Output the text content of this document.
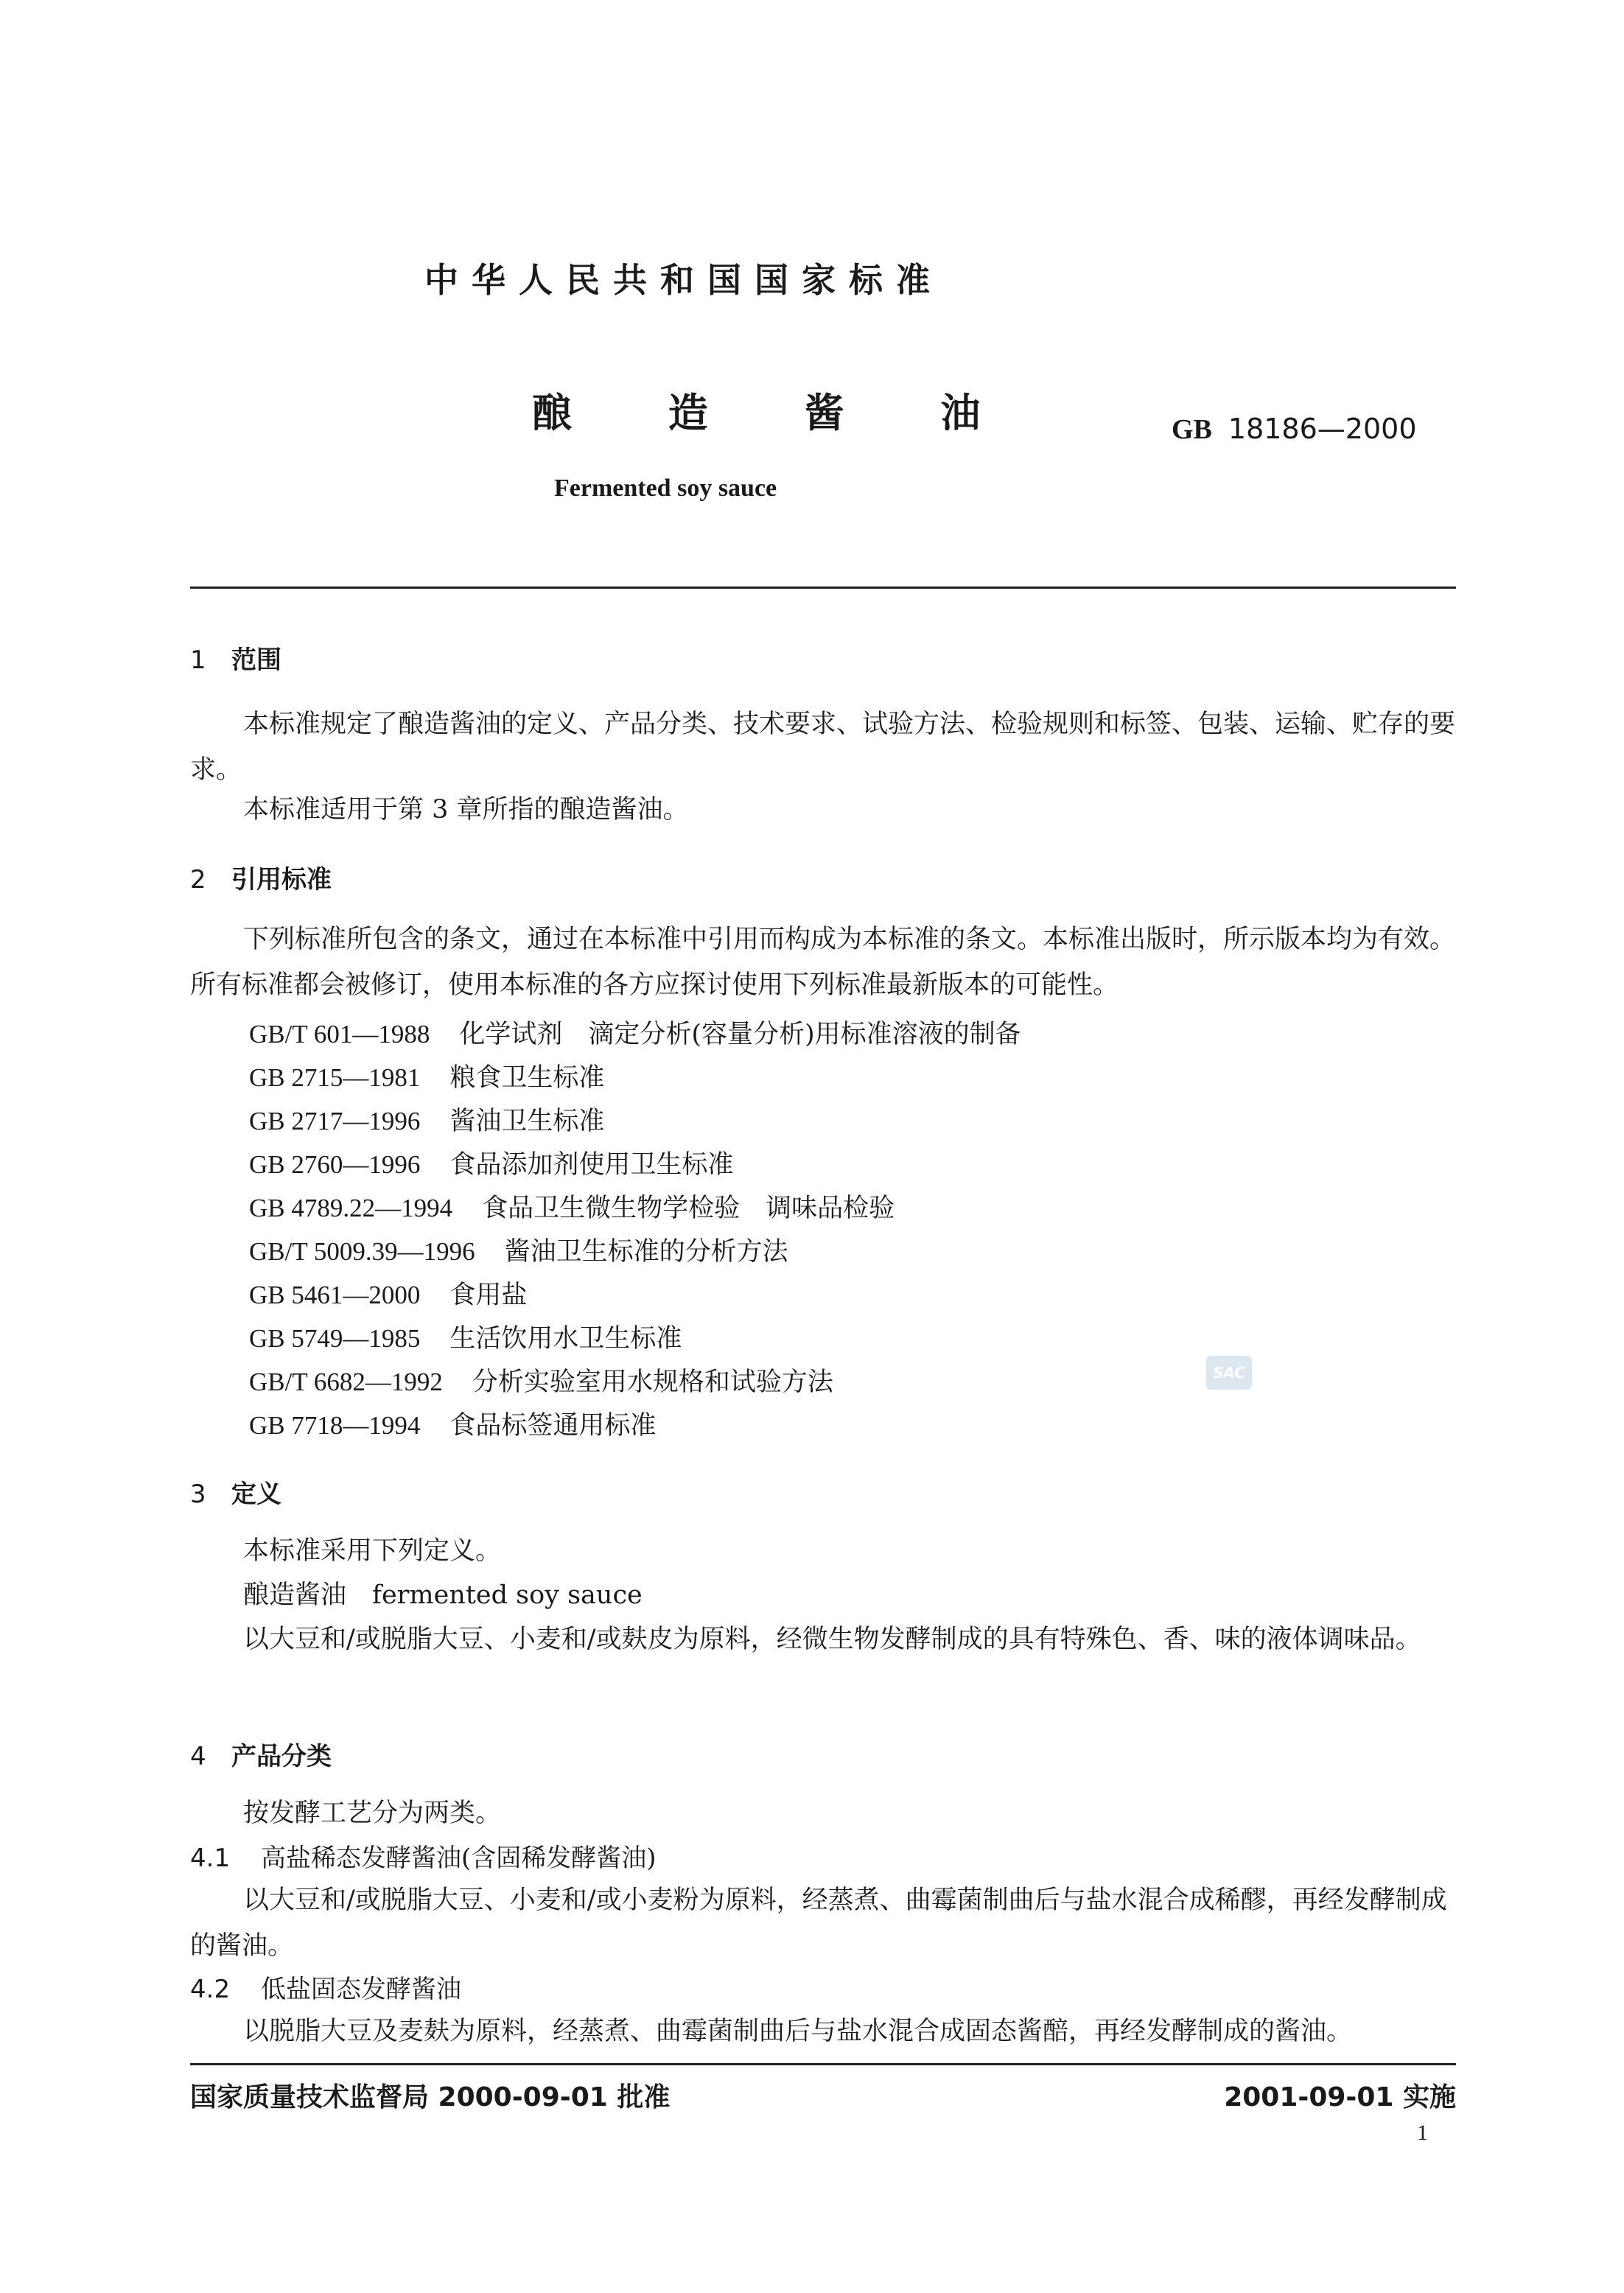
中华人民共和国国家标准
酿 造 酱 油	GB 18186—2000
Fermented soy sauce
1 范围
本标准规定了酿造酱油的定义、产品分类、技术要求、试验方法、检验规则和标签、包装、运输、贮存的要求。
本标准适用于第 3 章所指的酿造酱油。
2 引用标准
下列标准所包含的条文，通过在本标准中引用而构成为本标准的条文。本标准出版时，所示版本均为有效。所有标准都会被修订，使用本标准的各方应探讨使用下列标准最新版本的可能性。
GB/T 601—1988 化学试剂　滴定分析(容量分析)用标准溶液的制备
GB 2715—1981 粮食卫生标准
GB 2717—1996 酱油卫生标准
GB 2760—1996 食品添加剂使用卫生标准
GB 4789.22—1994 食品卫生微生物学检验　调味品检验
GB/T 5009.39—1996 酱油卫生标准的分析方法
GB 5461—2000 食用盐
GB 5749—1985 生活饮用水卫生标准
GB/T 6682—1992 分析实验室用水规格和试验方法
GB 7718—1994 食品标签通用标准
SAC
3 定义
本标准采用下列定义。
酿造酱油　fermented soy sauce
以大豆和/或脱脂大豆、小麦和/或麸皮为原料，经微生物发酵制成的具有特殊色、香、味的液体调味品。
4 产品分类
按发酵工艺分为两类。
4.1 高盐稀态发酵酱油(含固稀发酵酱油)
以大豆和/或脱脂大豆、小麦和/或小麦粉为原料，经蒸煮、曲霉菌制曲后与盐水混合成稀醪，再经发酵制成的酱油。
4.2 低盐固态发酵酱油
以脱脂大豆及麦麸为原料，经蒸煮、曲霉菌制曲后与盐水混合成固态酱醅，再经发酵制成的酱油。
国家质量技术监督局 2000-09-01 批准	2001-09-01 实施
1
